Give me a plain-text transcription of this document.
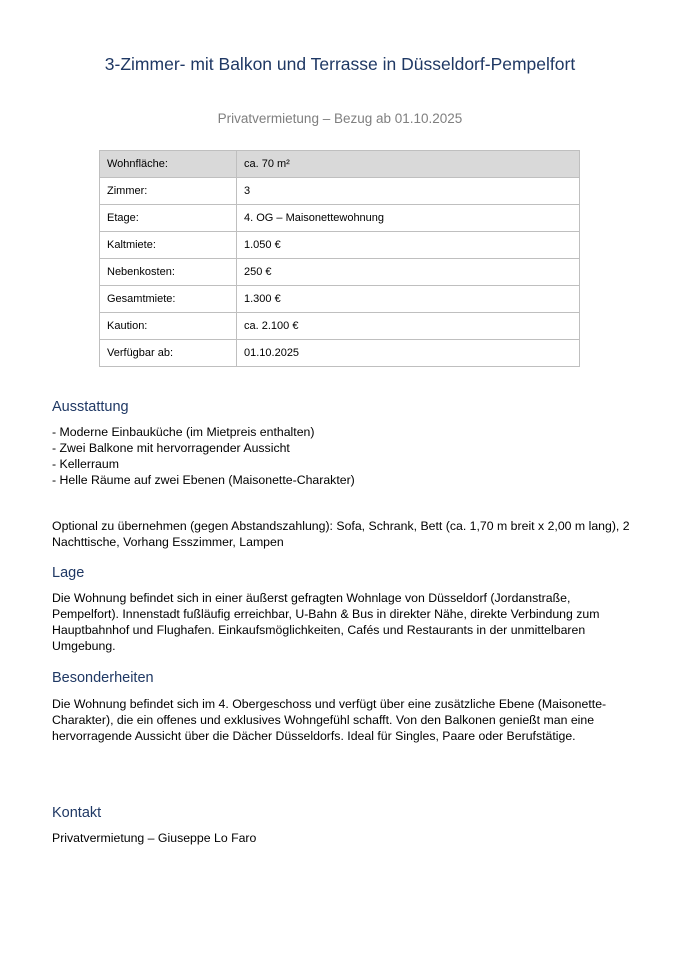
3-Zimmer- mit Balkon und Terrasse in Düsseldorf-Pempelfort
Privatvermietung – Bezug ab 01.10.2025
Wohnfläche:	ca. 70 m²
Zimmer:	3
Etage:	4. OG – Maisonettewohnung
Kaltmiete:	1.050 €
Nebenkosten:	250 €
Gesamtmiete:	1.300 €
Kaution:	ca. 2.100 €
Verfügbar ab:	01.10.2025
Ausstattung
- Moderne Einbauküche (im Mietpreis enthalten)
- Zwei Balkone mit hervorragender Aussicht
- Kellerraum
- Helle Räume auf zwei Ebenen (Maisonette-Charakter)
Optional zu übernehmen (gegen Abstandszahlung): Sofa, Schrank, Bett (ca. 1,70 m breit x 2,00 m lang), 2 Nachttische, Vorhang Esszimmer, Lampen
Lage
Die Wohnung befindet sich in einer äußerst gefragten Wohnlage von Düsseldorf (Jordanstraße, Pempelfort). Innenstadt fußläufig erreichbar, U-Bahn & Bus in direkter Nähe, direkte Verbindung zum Hauptbahnhof und Flughafen. Einkaufsmöglichkeiten, Cafés und Restaurants in der unmittelbaren Umgebung.
Besonderheiten
Die Wohnung befindet sich im 4. Obergeschoss und verfügt über eine zusätzliche Ebene (Maisonette-Charakter), die ein offenes und exklusives Wohngefühl schafft. Von den Balkonen genießt man eine hervorragende Aussicht über die Dächer Düsseldorfs. Ideal für Singles, Paare oder Berufstätige.
Kontakt
Privatvermietung – Giuseppe Lo Faro
